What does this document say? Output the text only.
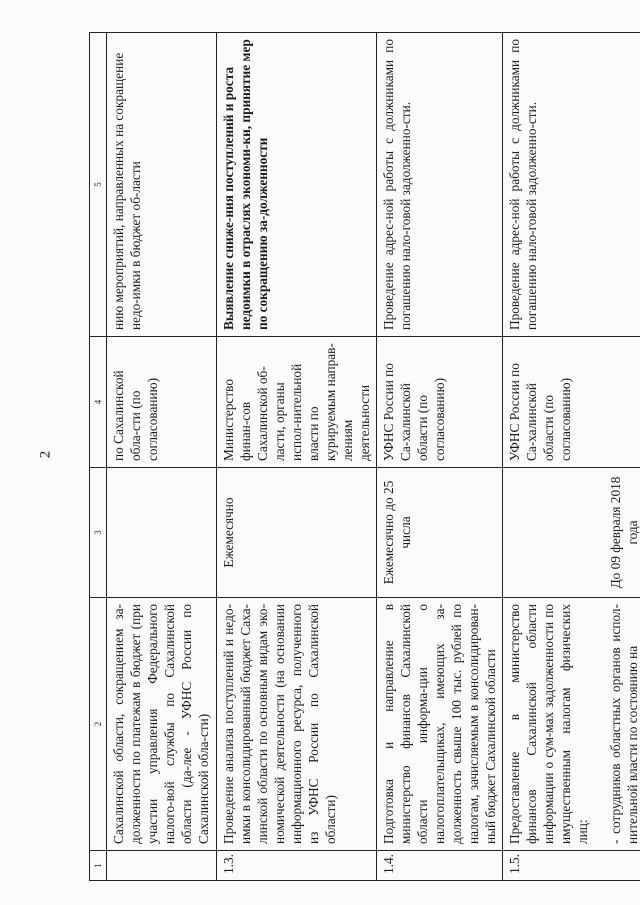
2
1	2	3	4	5
	Сахалинской области, сокращением за-долженности по платежам в бюджет (при участии управления Федерального налого-вой службы по Сахалинской области (да-лее - УФНС России по Сахалинской обла-сти)		по Сахалинской обла-сти (по согласованию)	нию мероприятий, направленных на сокращение недо-имки в бюджет об-ласти
1.3.	Проведение анализа поступлений и недо-имки в консолидированный бюджет Саха-линской области по основным видам эко-номической деятельности (на основании информационного ресурса, полученного из УФНС России по Сахалинской области)	Ежемесячно	Министерство финан-сов Сахалинской об-ласти, органы испол-нительной власти по курируемым направ-лениям деятельности	Выявление сниже-ния поступлений и роста недоимки в отраслях экономи-ки, принятие мер по сокращению за-долженности
1.4.	Подготовка и направление в министерство финансов Сахалинской области информа-ции о налогоплательщиках, имеющих за-долженность свыше 100 тыс. рублей по налогам, зачисляемым в консолидирован-ный бюджет Сахалинской области	Ежемесячно до 25 числа	УФНС России по Са-халинской области (по согласованию)	Проведение адрес-ной работы с должниками по погашению нало-говой задолженно-сти.
1.5.	Предоставление в министерство финансов Сахалинской области информации о сум-мах задолженности по имущественным налогам физических лиц: - сотрудников областных органов испол-нительной власти по состоянию на	До 09 февраля 2018 года	УФНС России по Са-халинской области (по согласованию)	Проведение адрес-ной работы с должниками по погашению нало-говой задолженно-сти.
